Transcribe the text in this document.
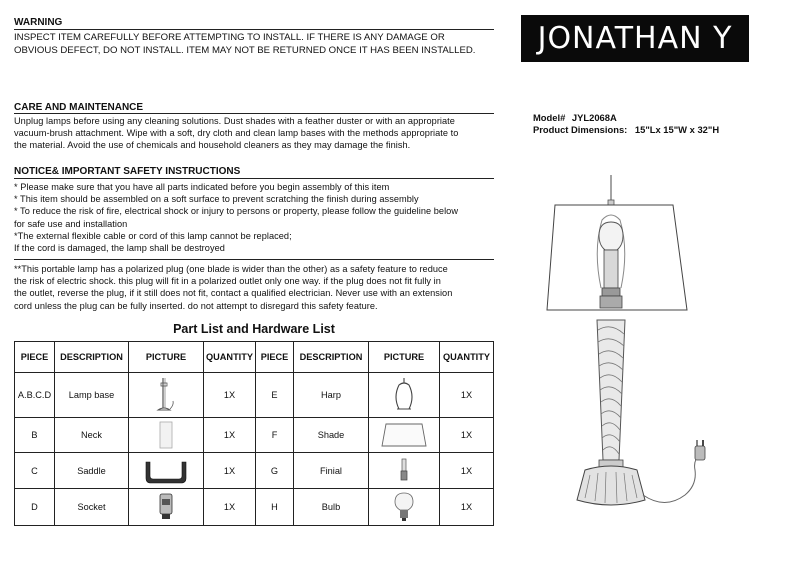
WARNING
INSPECT ITEM CAREFULLY BEFORE ATTEMPTING TO INSTALL. IF THERE IS ANY DAMAGE OR
OBVIOUS DEFECT, DO NOT INSTALL. ITEM MAY NOT BE RETURNED ONCE IT HAS BEEN INSTALLED.	JONATHAN Y
Model# JYL2068A
Product Dimensions: 15"Lx 15"W x 32"H
CARE AND MAINTENANCE
Unplug lamps before using any cleaning solutions. Dust shades with a feather duster or with an appropriate
vacuum-brush attachment. Wipe with a soft, dry cloth and clean lamp bases with the methods appropriate to
the material. Avoid the use of chemicals and household cleaners as they may damage the finish.
NOTICE& IMPORTANT SAFETY INSTRUCTIONS
* Please make sure that you have all parts indicated before you begin assembly of this item
* This item should be assembled on a soft surface to prevent scratching the finish during assembly
* To reduce the risk of fire, electrical shock or injury to persons or property, please follow the guideline below
for safe use and installation
*The external flexible cable or cord of this lamp cannot be replaced;
If the cord is damaged, the lamp shall be destroyed
**This portable lamp has a polarized plug (one blade is wider than the other) as a safety feature to reduce
the risk of electric shock. this plug will fit in a polarized outlet only one way. if the plug does not fit fully in
the outlet, reverse the plug, if it still does not fit, contact a qualified electrician. Never use with an extension
cord unless the plug can be fully inserted. do not attempt to disregard this safety feature.
Part List and Hardware List
PIECE	DESCRIPTION	PICTURE	QUANTITY	PIECE	DESCRIPTION	PICTURE	QUANTITY
A.B.C.D	Lamp base		1X	E	Harp		1X
B	Neck		1X	F	Shade		1X
C	Saddle		1X	G	Finial		1X
D	Socket		1X	H	Bulb		1X
